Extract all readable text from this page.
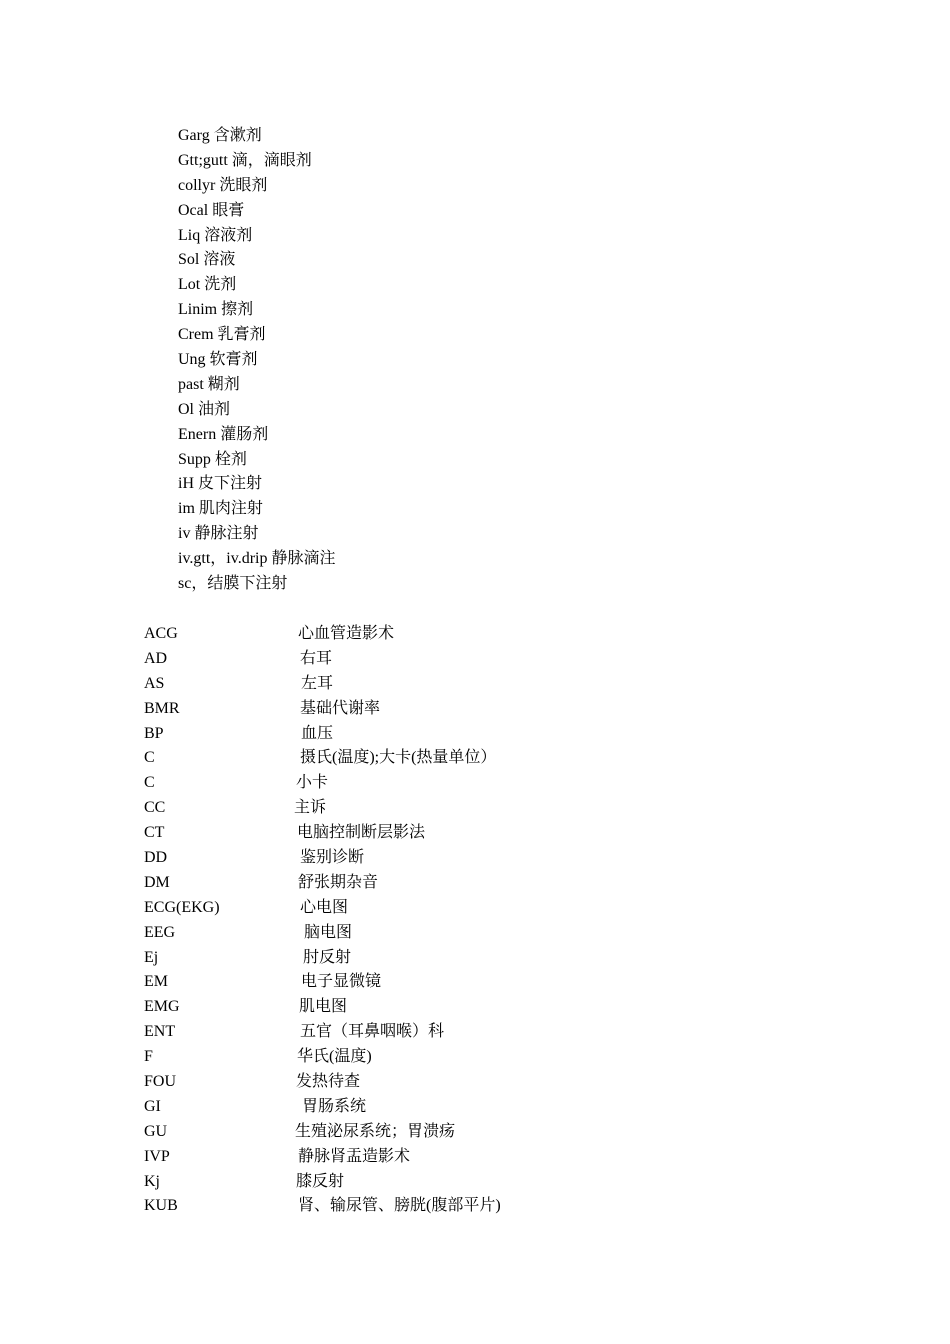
Garg 含漱剂
Gtt;gutt 滴，滴眼剂
collyr 洗眼剂
Ocal 眼膏
Liq 溶液剂
Sol 溶液
Lot 洗剂
Linim 擦剂
Crem 乳膏剂
Ung 软膏剂
past 糊剂
Ol 油剂
Enern 灌肠剂
Supp 栓剂
iH 皮下注射
im 肌肉注射
iv 静脉注射
iv.gtt，iv.drip 静脉滴注
sc，结膜下注射
ACG	心血管造影术
AD	右耳
AS	左耳
BMR	基础代谢率
BP	血压
C	摄氏(温度);大卡(热量单位）
C	小卡
CC	主诉
CT	电脑控制断层影法
DD	鉴别诊断
DM	舒张期杂音
ECG(EKG)	心电图
EEG	脑电图
Ej	肘反射
EM	电子显微镜
EMG	肌电图
ENT	五官（耳鼻咽喉）科
F	华氏(温度)
FOU	发热待查
GI	胃肠系统
GU	生殖泌尿系统；胃溃疡
IVP	静脉肾盂造影术
Kj	膝反射
KUB	肾、输尿管、膀胱(腹部平片)
